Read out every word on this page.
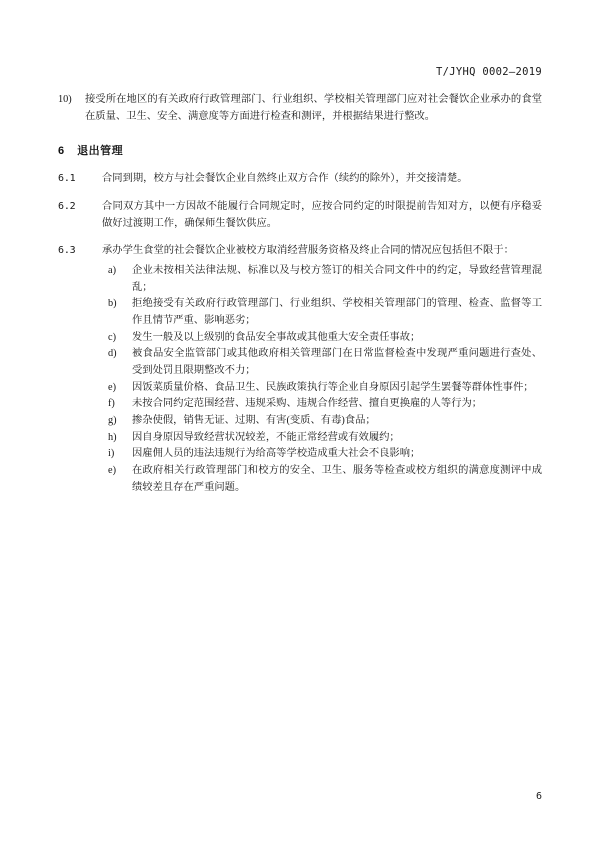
T/JYHQ 0002—2019
10) 接受所在地区的有关政府行政管理部门、行业组织、学校相关管理部门应对社会餐饮企业承办的食堂在质量、卫生、安全、满意度等方面进行检查和测评，并根据结果进行整改。
6 退出管理
6.1	合同到期，校方与社会餐饮企业自然终止双方合作（续约的除外），并交接清楚。
6.2	合同双方其中一方因故不能履行合同规定时，应按合同约定的时限提前告知对方，以便有序稳妥做好过渡期工作，确保师生餐饮供应。
6.3	承办学生食堂的社会餐饮企业被校方取消经营服务资格及终止合同的情况应包括但不限于：
a) 企业未按相关法律法规、标准以及与校方签订的相关合同文件中的约定，导致经营管理混乱；
b) 拒绝接受有关政府行政管理部门、行业组织、学校相关管理部门的管理、检查、监督等工作且情节严重、影响恶劣；
c) 发生一般及以上级别的食品安全事故或其他重大安全责任事故；
d) 被食品安全监管部门或其他政府相关管理部门在日常监督检查中发现严重问题进行查处、受到处罚且限期整改不力；
e) 因饭菜质量价格、食品卫生、民族政策执行等企业自身原因引起学生罢餐等群体性事件；
f) 未按合同约定范围经营、违规采购、违规合作经营、擅自更换雇的人等行为；
g) 掺杂使假，销售无证、过期、有害(变质、有毒)食品；
h) 因自身原因导致经营状况较差，不能正常经营或有效履约；
i) 因雇佣人员的违法违规行为给高等学校造成重大社会不良影响；
e) 在政府相关行政管理部门和校方的安全、卫生、服务等检查或校方组织的满意度测评中成绩较差且存在严重问题。
6
